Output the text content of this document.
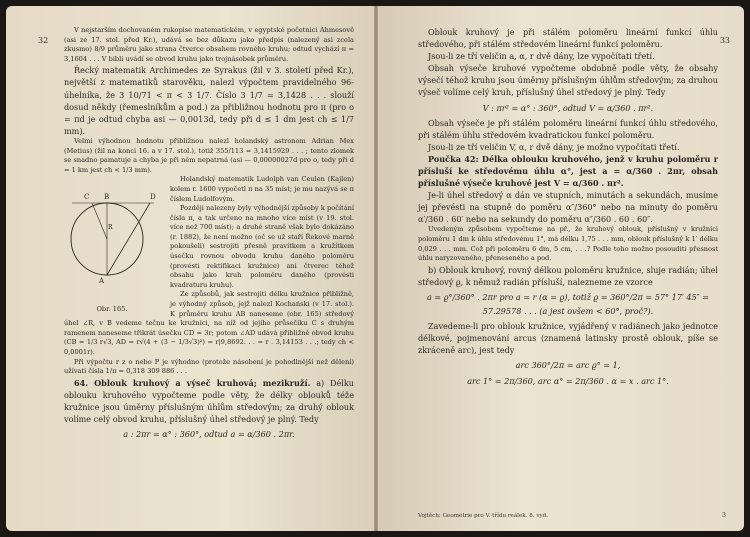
32

V nejstarším dochovaném rukopise matematickém, v egyptské početnici Ahmesově (asi ze 17. stol. před Kr.), udává se bez důkazu jako předpis (nalezený asi zcela zkusmo) 8/9 průměru jako strana čtverce obsahem rovného kruhu; odtud vychází π = 3,1604 . . . V bibli uvádí se obvod kruhu jako trojnásobek průměru.

Řecký matematik Archimedes ze Syrakus (žil v 3. století před Kr.), největší z matematiků starověku, nalezl výpočtem pravidelného 96-úhelníka, že 3 10/71 < π < 3 1/7. Číslo 3 1/7 = 3,1428 . . . slouží dosud někdy (řemeslníkům a pod.) za přibližnou hodnotu pro π (pro o = πd je odtud chyba asi — 0,0013d, tedy při d ≤ 1 dm jest ch ≤ 1/7 mm).

Velmi výhodnou hodnotu přibližnou nalezl holandský astronom Adrian Mex (Metius) (žil na konci 16. a v 17. stol.), totiž 355/113 = 3,1415929 . . . ; tento zlomek se snadno pamatuje a chyba je při něm nepatrná (asi — 0,00000027d pro o, tedy při d = 1 km jest ch < 1/3 mm).

C B	D
A
R
Obr. 165.

Holandský matematik Ludolph van Ceulen (Kajlen) kolem r. 1600 vypočetl π na 35 míst; je mu nazývá se π číslem Ludolfovým.

Později nalezeny byly výhodnější způsoby k počítání čísla π, a tak určeno na mnoho více míst (v 19. stol. více než 700 míst); a druhé straně však bylo dokázáno (r. 1882), že není možno (oč se už staří Řekové marně pokoušeli) sestrojiti přesně pravítkem a kružítkem úsečku rovnou obvodu kruhu daného poloměru (provésti rektifikaci kružnice) ani čtverec téhož obsahu jako kruh poloměru daného (provésti kvadraturu kruhu).

Ze způsobů, jak sestrojiti délku kružnice přibližně, je výhodný způsob, jejž nalezl Kochański (v 17. stol.). K průměru kruhu AB naneseme (obr. 165) středový úhel ∠R, v B vedeme tečnu ke kružnici, na níž od jejího průsečíku C s druhým ramenem naneseme třikrát úsečku CD = 3r; potom ∠AD udává přibližně obvod kruhu (CB = 1/3 r√3, AD = r√(4 + (3 − 1/3√3)²) = r|9,8692. . . = r . 3,14153 . . .; tedy ch < 0,0001r).

Při výpočtu r z o nebo P je výhodno (protože násobení je pohodlnější než dělení) užívati čísla 1/π = 0,318 309 886 . . .

64. Oblouk kruhový a výseč kruhová; mezikruží. a) Délku oblouku kruhového vypočteme podle věty, že délky oblouků téže kružnice jsou úměrny příslušným úhlům středovým; za druhý oblouk volíme celý obvod kruhu, příslušný úhel středový je plný. Tedy

a : 2πr = α° : 360°, odtud a = α/360 . 2πr.
33

Oblouk kruhový je při stálém poloměru lineární funkcí úhlu středového, při stálém středovém lineární funkcí poloměru.

Jsou-li ze tří veličin a, α, r dvě dány, lze vypočítati třetí.

Obsah výseče kruhové vypočteme obdobně podle věty, že obsahy výsečí téhož kruhu jsou úměrny příslušným úhlům středovým; za druhou výseč volíme celý kruh, příslušný úhel středový je plný. Tedy

V : πr² = α° : 360°, odtud V = α/360 . πr².

Obsah výseče je při stálém poloměru lineární funkcí úhlu středového, při stálém úhlu středovém kvadratickou funkcí poloměru.

Jsou-li ze tří veličin V, α, r dvě dány, je možno vypočítati třetí.

Poučka 42: Délka oblouku kruhového, jenž v kruhu poloměru r přísluší ke středovému úhlu α°, jest a = α/360 . 2πr, obsah příslušné výseče kruhové jest V = α/360 . πr².

Je-li úhel středový α dán ve stupních, minutách a sekundách, musíme jej převésti na stupně do poměru α″/360° nebo na minuty do poměru α′/360 . 60′ nebo na sekundy do poměru α″/360 . 60 . 60″.

Uvedeným způsobem vypočteme na př., že kruhový oblouk, příslušný v kružnici poloměru 1 dm k úhlu středovému 1°, má délku 1,75 . . . mm, oblouk příslušný k 1′ délku 0,029 . . . mm. Což při poloměru 6 dm, 5 cm, . . .? Podle toho možno posouditi přesnost úhlu naryzovaného, přeneseného a pod.

b) Oblouk kruhový, rovný délkou poloměru kružnice, sluje radián; úhel středový ϱ, k němuž radián přísluší, nalezneme ze vzorce

a = ϱ°/360° . 2πr pro a = r (α = ϱ), totiž ϱ = 360°/2π = 57° 17′ 45″ = 57.29578 . . . (a jest ovšem < 60°, proč?).

Zavedeme-li pro oblouk kružnice, vyjádřený v radiánech jako jednotce délkové, pojmenování arcus (znamená latinsky prostě oblouk, píše se zkráceně arc), jest tedy

arc 360°/2π = arc ϱ° = 1,
arc 1° = 2π/360, arc α° = 2π/360 . α = x . arc 1°.
Vojtěch: Geometrie pro V. třídu reálek. 8. vyd.	3
